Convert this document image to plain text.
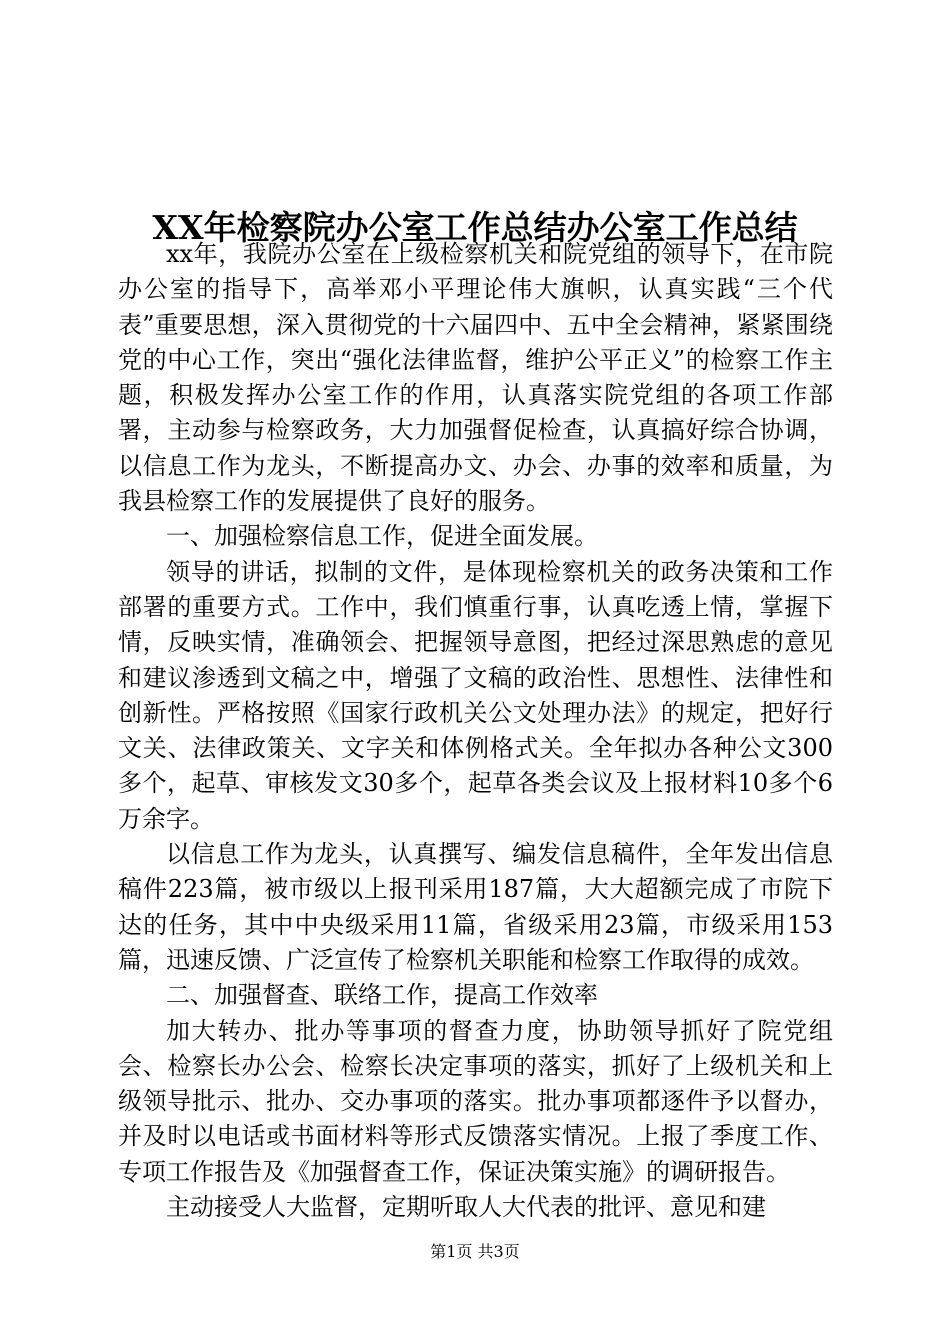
XX年检察院办公室工作总结办公室工作总结

xx年，我院办公室在上级检察机关和院党组的领导下，在市院办公室的指导下，高举邓小平理论伟大旗帜，认真实践“三个代表”重要思想，深入贯彻党的十六届四中、五中全会精神，紧紧围绕党的中心工作，突出“强化法律监督，维护公平正义”的检察工作主题，积极发挥办公室工作的作用，认真落实院党组的各项工作部署，主动参与检察政务，大力加强督促检查，认真搞好综合协调，以信息工作为龙头，不断提高办文、办会、办事的效率和质量，为我县检察工作的发展提供了良好的服务。

一、加强检察信息工作，促进全面发展。

领导的讲话，拟制的文件，是体现检察机关的政务决策和工作部署的重要方式。工作中，我们慎重行事，认真吃透上情，掌握下情，反映实情，准确领会、把握领导意图，把经过深思熟虑的意见和建议渗透到文稿之中，增强了文稿的政治性、思想性、法律性和创新性。严格按照《国家行政机关公文处理办法》的规定，把好行文关、法律政策关、文字关和体例格式关。全年拟办各种公文300多个，起草、审核发文30多个，起草各类会议及上报材料10多个6万余字。

以信息工作为龙头，认真撰写、编发信息稿件，全年发出信息稿件223篇，被市级以上报刊采用187篇，大大超额完成了市院下达的任务，其中中央级采用11篇，省级采用23篇，市级采用153篇，迅速反馈、广泛宣传了检察机关职能和检察工作取得的成效。

二、加强督查、联络工作，提高工作效率

加大转办、批办等事项的督查力度，协助领导抓好了院党组会、检察长办公会、检察长决定事项的落实，抓好了上级机关和上级领导批示、批办、交办事项的落实。批办事项都逐件予以督办，并及时以电话或书面材料等形式反馈落实情况。上报了季度工作、专项工作报告及《加强督查工作，保证决策实施》的调研报告。

主动接受人大监督，定期听取人大代表的批评、意见和建

第1页 共3页
